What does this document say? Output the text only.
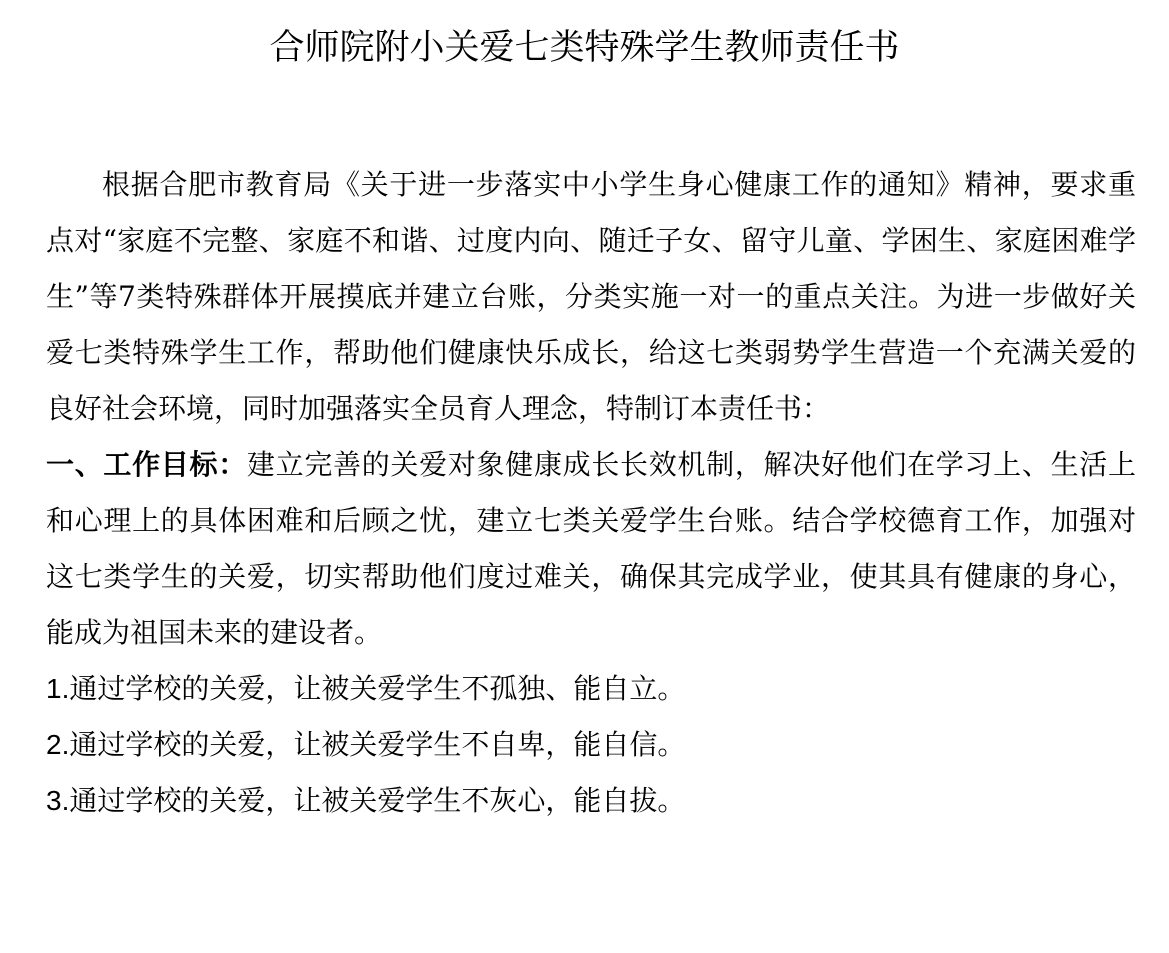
合师院附小关爱七类特殊学生教师责任书

根据合肥市教育局《关于进一步落实中小学生身心健康工作的通知》精神，要求重点对“家庭不完整、家庭不和谐、过度内向、随迁子女、留守儿童、学困生、家庭困难学生”等7类特殊群体开展摸底并建立台账，分类实施一对一的重点关注。为进一步做好关爱七类特殊学生工作，帮助他们健康快乐成长，给这七类弱势学生营造一个充满关爱的良好社会环境，同时加强落实全员育人理念，特制订本责任书：

一、工作目标：建立完善的关爱对象健康成长长效机制，解决好他们在学习上、生活上和心理上的具体困难和后顾之忧，建立七类关爱学生台账。结合学校德育工作，加强对这七类学生的关爱，切实帮助他们度过难关，确保其完成学业，使其具有健康的身心，能成为祖国未来的建设者。

1.通过学校的关爱，让被关爱学生不孤独、能自立。

2.通过学校的关爱，让被关爱学生不自卑，能自信。

3.通过学校的关爱，让被关爱学生不灰心，能自拔。
